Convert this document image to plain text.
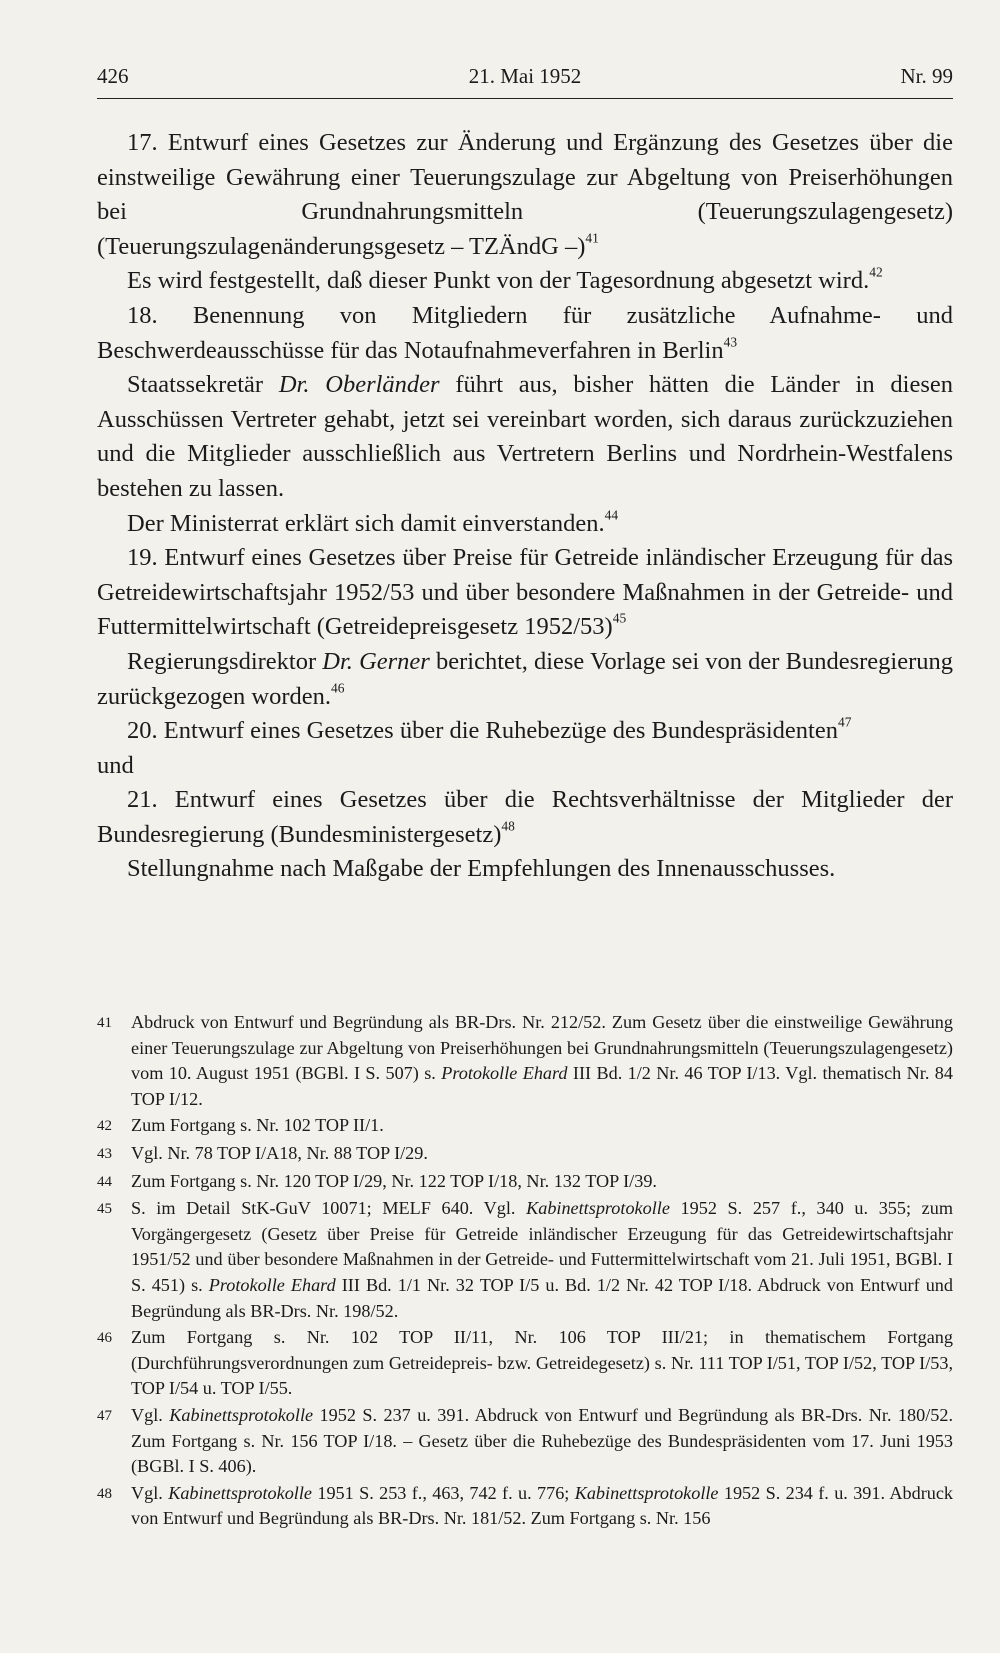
426	21. Mai 1952	Nr. 99

17. Entwurf eines Gesetzes zur Änderung und Ergänzung des Gesetzes über die einstweilige Gewährung einer Teuerungszulage zur Abgeltung von Preiserhöhungen bei Grundnahrungsmitteln (Teuerungszulagengesetz) (Teuerungszulagenänderungsgesetz – TZÄndG –)$^{41}$

Es wird festgestellt, daß dieser Punkt von der Tagesordnung abgesetzt wird.$^{42}$

18. Benennung von Mitgliedern für zusätzliche Aufnahme- und Beschwerdeausschüsse für das Notaufnahmeverfahren in Berlin$^{43}$

Staatssekretär Dr. Oberländer führt aus, bisher hätten die Länder in diesen Ausschüssen Vertreter gehabt, jetzt sei vereinbart worden, sich daraus zurückzuziehen und die Mitglieder ausschließlich aus Vertretern Berlins und Nordrhein-Westfalens bestehen zu lassen.

Der Ministerrat erklärt sich damit einverstanden.$^{44}$

19. Entwurf eines Gesetzes über Preise für Getreide inländischer Erzeugung für das Getreidewirtschaftsjahr 1952/53 und über besondere Maßnahmen in der Getreide- und Futtermittelwirtschaft (Getreidepreisgesetz 1952/53)$^{45}$

Regierungsdirektor Dr. Gerner berichtet, diese Vorlage sei von der Bundesregierung zurückgezogen worden.$^{46}$

20. Entwurf eines Gesetzes über die Ruhebezüge des Bundespräsidenten$^{47}$
und

21. Entwurf eines Gesetzes über die Rechtsverhältnisse der Mitglieder der Bundesregierung (Bundesministergesetz)$^{48}$

Stellungnahme nach Maßgabe der Empfehlungen des Innenausschusses.

41	Abdruck von Entwurf und Begründung als BR-Drs. Nr. 212/52. Zum Gesetz über die einstweilige Gewährung einer Teuerungszulage zur Abgeltung von Preiserhöhungen bei Grundnahrungsmitteln (Teuerungszulagengesetz) vom 10. August 1951 (BGBl. I S. 507) s. Protokolle Ehard III Bd. 1/2 Nr. 46 TOP I/13. Vgl. thematisch Nr. 84 TOP I/12.
42	Zum Fortgang s. Nr. 102 TOP II/1.
43	Vgl. Nr. 78 TOP I/A18, Nr. 88 TOP I/29.
44	Zum Fortgang s. Nr. 120 TOP I/29, Nr. 122 TOP I/18, Nr. 132 TOP I/39.
45	S. im Detail StK-GuV 10071; MELF 640. Vgl. Kabinettsprotokolle 1952 S. 257 f., 340 u. 355; zum Vorgängergesetz (Gesetz über Preise für Getreide inländischer Erzeugung für das Getreidewirtschaftsjahr 1951/52 und über besondere Maßnahmen in der Getreide- und Futtermittelwirtschaft vom 21. Juli 1951, BGBl. I S. 451) s. Protokolle Ehard III Bd. 1/1 Nr. 32 TOP I/5 u. Bd. 1/2 Nr. 42 TOP I/18. Abdruck von Entwurf und Begründung als BR-Drs. Nr. 198/52.
46	Zum Fortgang s. Nr. 102 TOP II/11, Nr. 106 TOP III/21; in thematischem Fortgang (Durchführungsverordnungen zum Getreidepreis- bzw. Getreidegesetz) s. Nr. 111 TOP I/51, TOP I/52, TOP I/53, TOP I/54 u. TOP I/55.
47	Vgl. Kabinettsprotokolle 1952 S. 237 u. 391. Abdruck von Entwurf und Begründung als BR-Drs. Nr. 180/52. Zum Fortgang s. Nr. 156 TOP I/18. – Gesetz über die Ruhebezüge des Bundespräsidenten vom 17. Juni 1953 (BGBl. I S. 406).
48	Vgl. Kabinettsprotokolle 1951 S. 253 f., 463, 742 f. u. 776; Kabinettsprotokolle 1952 S. 234 f. u. 391. Abdruck von Entwurf und Begründung als BR-Drs. Nr. 181/52. Zum Fortgang s. Nr. 156
